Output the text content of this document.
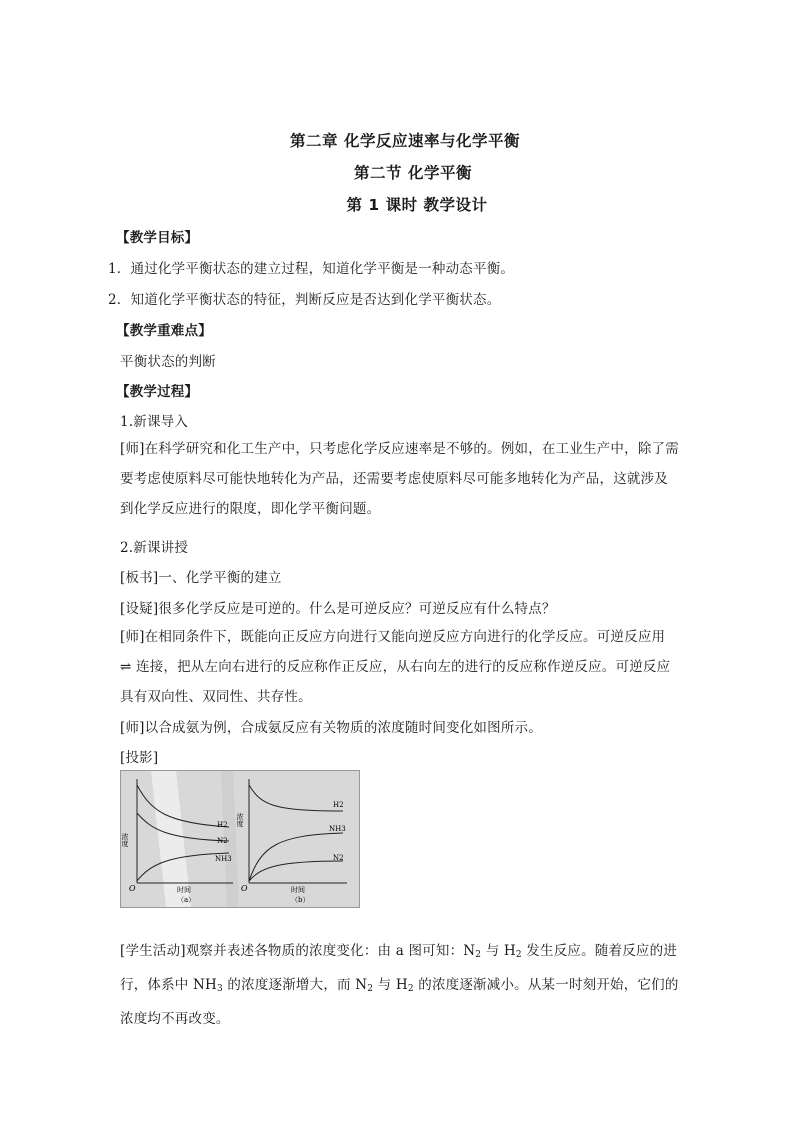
第二章 化学反应速率与化学平衡
第二节 化学平衡
第 1 课时 教学设计
【教学目标】
1．通过化学平衡状态的建立过程，知道化学平衡是一种动态平衡。
2．知道化学平衡状态的特征，判断反应是否达到化学平衡状态。
【教学重难点】
平衡状态的判断
【教学过程】
1.新课导入
[师]在科学研究和化工生产中，只考虑化学反应速率是不够的。例如，在工业生产中，除了需要考虑使原料尽可能快地转化为产品，还需要考虑使原料尽可能多地转化为产品，这就涉及到化学反应进行的限度，即化学平衡问题。
2.新课讲授
[板书]一、化学平衡的建立
[设疑]很多化学反应是可逆的。什么是可逆反应？可逆反应有什么特点？
[师]在相同条件下，既能向正反应方向进行又能向逆反应方向进行的化学反应。可逆反应用 ⇌ 连接，把从左向右进行的反应称作正反应，从右向左的进行的反应称作逆反应。可逆反应具有双向性、双同性、共存性。
[师]以合成氨为例，合成氨反应有关物质的浓度随时间变化如图所示。
[投影]
H2
N2
NH3
浓度
O	时间
（a）
H2
NH3
N2
浓度
O	时间
（b）
[学生活动]观察并表述各物质的浓度变化：由 a 图可知：$N_2$ 与 $H_2$ 发生反应。随着反应的进行，体系中 $NH_3$ 的浓度逐渐增大，而 $N_2$ 与 $H_2$ 的浓度逐渐减小。从某一时刻开始，它们的浓度均不再改变。
